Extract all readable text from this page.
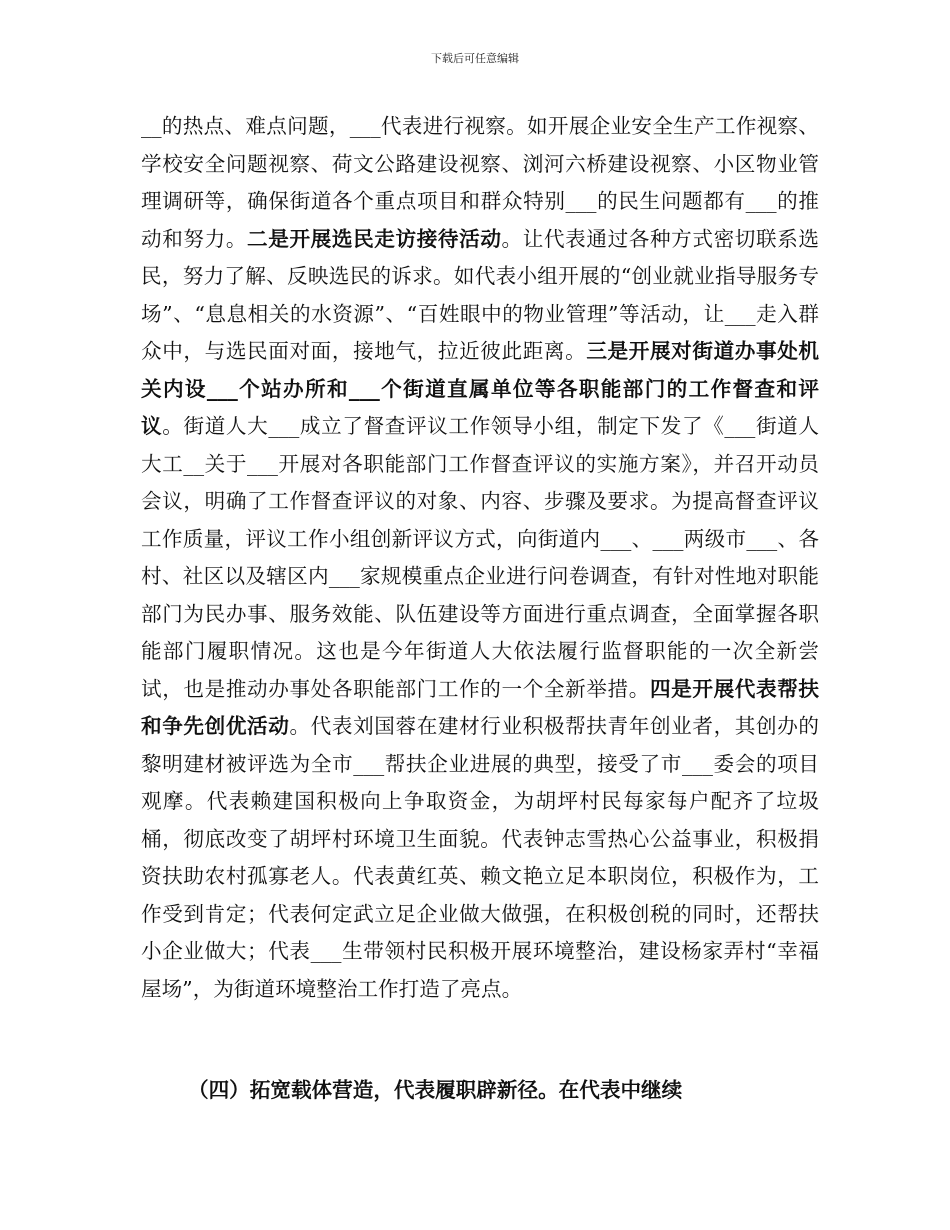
下载后可任意编辑

__的热点、难点问题，___代表进行视察。如开展企业安全生产工作视察、学校安全问题视察、荷文公路建设视察、浏河六桥建设视察、小区物业管理调研等，确保街道各个重点项目和群众特别___的民生问题都有___的推动和努力。二是开展选民走访接待活动。让代表通过各种方式密切联系选民，努力了解、反映选民的诉求。如代表小组开展的“创业就业指导服务专场”、“息息相关的水资源”、“百姓眼中的物业管理”等活动，让___走入群众中，与选民面对面，接地气，拉近彼此距离。三是开展对街道办事处机关内设___个站办所和___个街道直属单位等各职能部门的工作督查和评议。街道人大___成立了督查评议工作领导小组，制定下发了《___街道人大工__关于___开展对各职能部门工作督查评议的实施方案》，并召开动员会议，明确了工作督查评议的对象、内容、步骤及要求。为提高督查评议工作质量，评议工作小组创新评议方式，向街道内___、___两级市___、各村、社区以及辖区内___家规模重点企业进行问卷调查，有针对性地对职能部门为民办事、服务效能、队伍建设等方面进行重点调查，全面掌握各职能部门履职情况。这也是今年街道人大依法履行监督职能的一次全新尝试，也是推动办事处各职能部门工作的一个全新举措。四是开展代表帮扶和争先创优活动。代表刘国蓉在建材行业积极帮扶青年创业者，其创办的黎明建材被评选为全市___帮扶企业进展的典型，接受了市___委会的项目观摩。代表赖建国积极向上争取资金，为胡坪村民每家每户配齐了垃圾桶，彻底改变了胡坪村环境卫生面貌。代表钟志雪热心公益事业，积极捐资扶助农村孤寡老人。代表黄红英、赖文艳立足本职岗位，积极作为，工作受到肯定；代表何定武立足企业做大做强，在积极创税的同时，还帮扶小企业做大；代表___生带领村民积极开展环境整治，建设杨家弄村“幸福屋场”，为街道环境整治工作打造了亮点。

（四）拓宽载体营造，代表履职辟新径。在代表中继续
